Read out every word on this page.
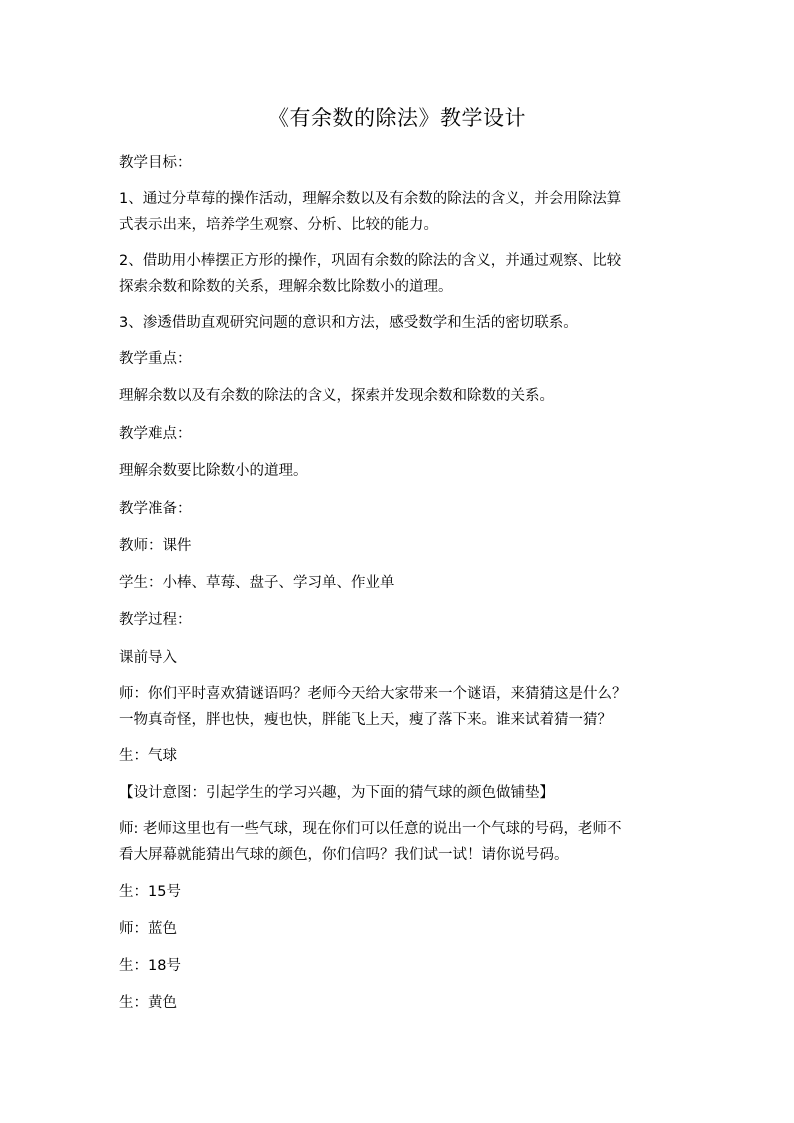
《有余数的除法》教学设计
教学目标：
1、通过分草莓的操作活动，理解余数以及有余数的除法的含义，并会用除法算
式表示出来，培养学生观察、分析、比较的能力。
2、借助用小棒摆正方形的操作，巩固有余数的除法的含义，并通过观察、比较
探索余数和除数的关系，理解余数比除数小的道理。
3、渗透借助直观研究问题的意识和方法，感受数学和生活的密切联系。
教学重点：
理解余数以及有余数的除法的含义，探索并发现余数和除数的关系。
教学难点：
理解余数要比除数小的道理。
教学准备：
教师：课件
学生：小棒、草莓、盘子、学习单、作业单
教学过程：
课前导入
师：你们平时喜欢猜谜语吗？老师今天给大家带来一个谜语，来猜猜这是什么？
一物真奇怪，胖也快，瘦也快，胖能飞上天，瘦了落下来。谁来试着猜一猜？
生：气球
【设计意图：引起学生的学习兴趣，为下面的猜气球的颜色做铺垫】
师: 老师这里也有一些气球，现在你们可以任意的说出一个气球的号码，老师不
看大屏幕就能猜出气球的颜色，你们信吗？我们试一试！请你说号码。
生：15号
师：蓝色
生：18号
生：黄色
